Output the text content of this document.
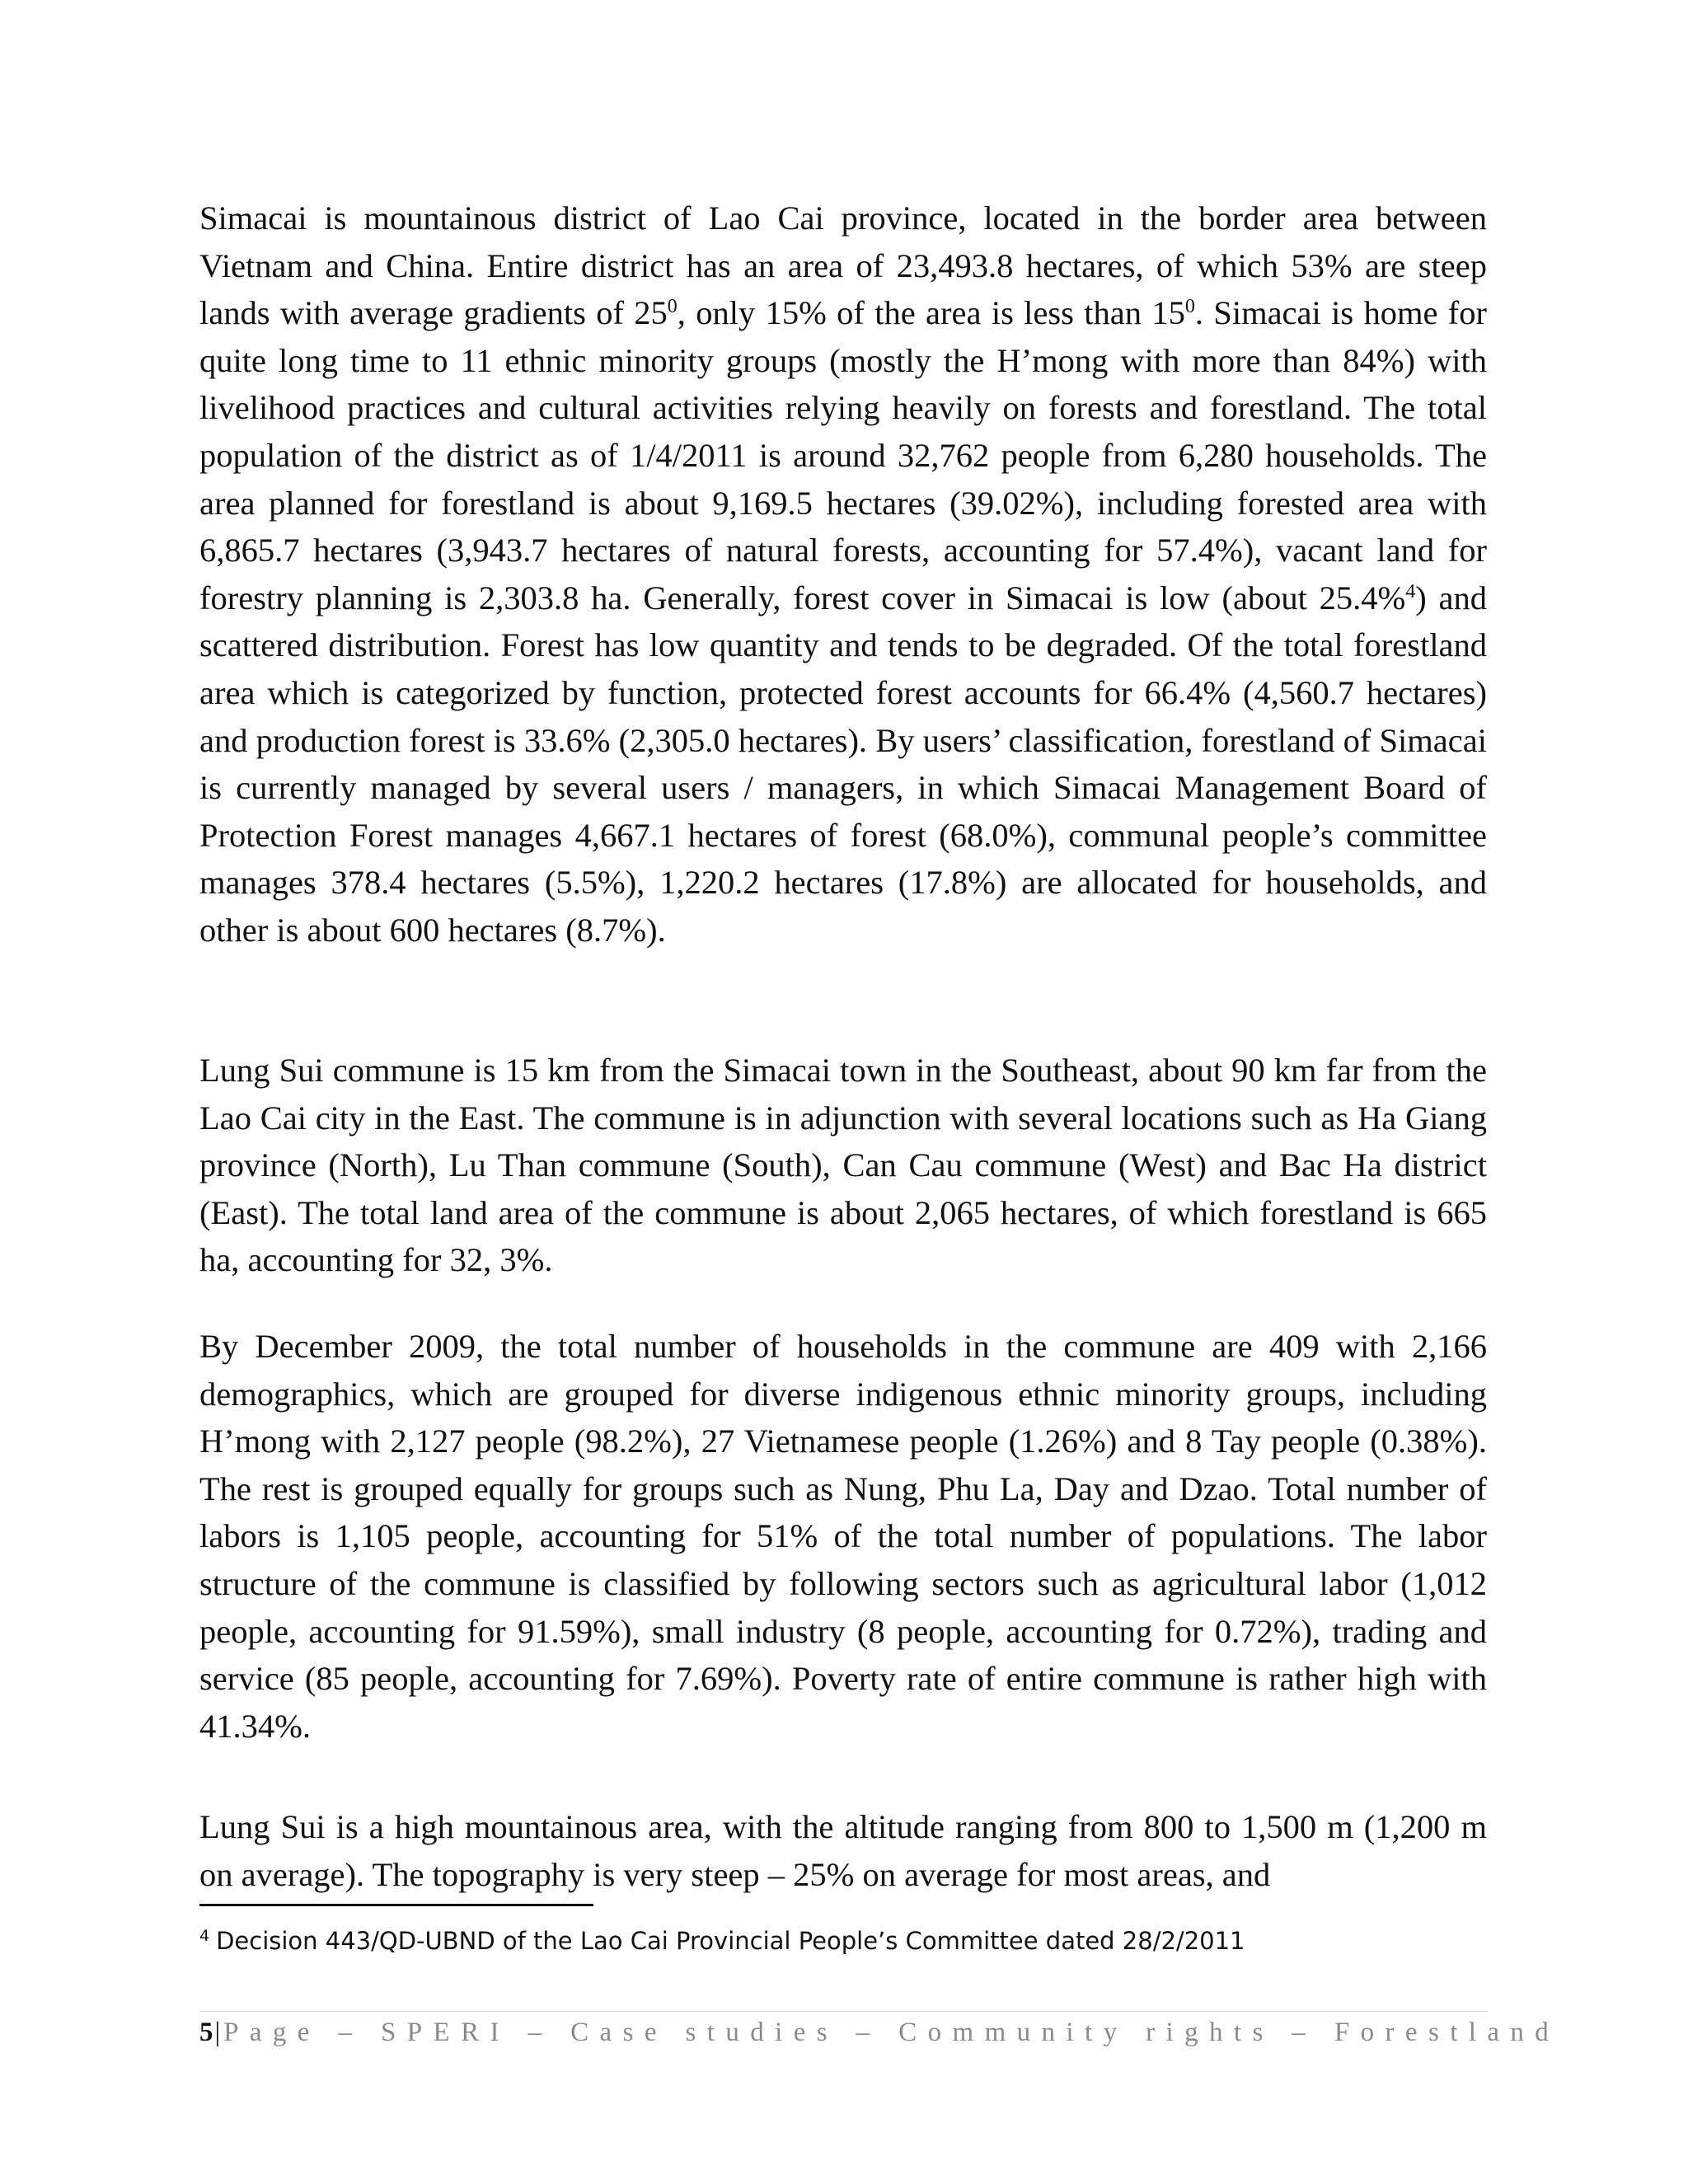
Simacai is mountainous district of Lao Cai province, located in the border area between Vietnam and China. Entire district has an area of 23,493.8 hectares, of which 53% are steep lands with average gradients of $25^0$, only 15% of the area is less than $15^0$. Simacai is home for quite long time to 11 ethnic minority groups (mostly the H’mong with more than 84%) with livelihood practices and cultural activities relying heavily on forests and forestland. The total population of the district as of 1/4/2011 is around 32,762 people from 6,280 households. The area planned for forestland is about 9,169.5 hectares (39.02%), including forested area with 6,865.7 hectares (3,943.7 hectares of natural forests, accounting for 57.4%), vacant land for forestry planning is 2,303.8 ha. Generally, forest cover in Simacai is low (about 25.4%$^4$) and scattered distribution. Forest has low quantity and tends to be degraded. Of the total forestland area which is categorized by function, protected forest accounts for 66.4% (4,560.7 hectares) and production forest is 33.6% (2,305.0 hectares). By users’ classification, forestland of Simacai is currently managed by several users / managers, in which Simacai Management Board of Protection Forest manages 4,667.1 hectares of forest (68.0%), communal people’s committee manages 378.4 hectares (5.5%), 1,220.2 hectares (17.8%) are allocated for households, and other is about 600 hectares (8.7%).

Lung Sui commune is 15 km from the Simacai town in the Southeast, about 90 km far from the Lao Cai city in the East. The commune is in adjunction with several locations such as Ha Giang province (North), Lu Than commune (South), Can Cau commune (West) and Bac Ha district (East). The total land area of the commune is about 2,065 hectares, of which forestland is 665 ha, accounting for 32, 3%.

By December 2009, the total number of households in the commune are 409 with 2,166 demographics, which are grouped for diverse indigenous ethnic minority groups, including H’mong with 2,127 people (98.2%), 27 Vietnamese people (1.26%) and 8 Tay people (0.38%). The rest is grouped equally for groups such as Nung, Phu La, Day and Dzao. Total number of labors is 1,105 people, accounting for 51% of the total number of populations. The labor structure of the commune is classified by following sectors such as agricultural labor (1,012 people, accounting for 91.59%), small industry (8 people, accounting for 0.72%), trading and service (85 people, accounting for 7.69%). Poverty rate of entire commune is rather high with 41.34%.

Lung Sui is a high mountainous area, with the altitude ranging from 800 to 1,500 m (1,200 m on average). The topography is very steep – 25% on average for most areas, and

$^4$ Decision 443/QD-UBND of the Lao Cai Provincial People’s Committee dated 28/2/2011
5| Page – SPERI – Case studies – Community rights – Forestland
